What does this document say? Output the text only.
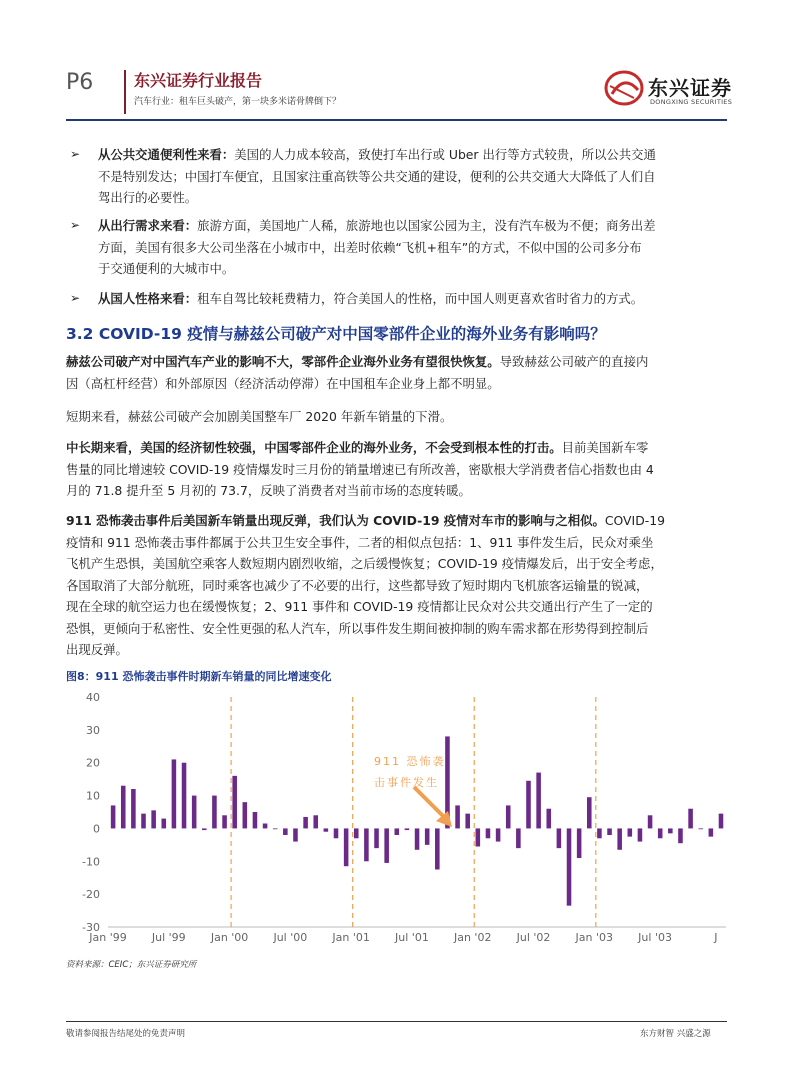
P6	东兴证券行业报告
汽车行业：租车巨头破产，第一块多米诺骨牌倒下？
东兴证券
DONGXING SECURITIES
➢ 从公共交通便利性来看：美国的人力成本较高，致使打车出行或 Uber 出行等方式较贵，所以公共交通
不是特别发达；中国打车便宜，且国家注重高铁等公共交通的建设，便利的公共交通大大降低了人们自
驾出行的必要性。
➢ 从出行需求来看：旅游方面，美国地广人稀，旅游地也以国家公园为主，没有汽车极为不便；商务出差
方面，美国有很多大公司坐落在小城市中，出差时依赖“飞机+租车”的方式，不似中国的公司多分布
于交通便利的大城市中。
➢ 从国人性格来看：租车自驾比较耗费精力，符合美国人的性格，而中国人则更喜欢省时省力的方式。
3.2 COVID-19 疫情与赫兹公司破产对中国零部件企业的海外业务有影响吗？
赫兹公司破产对中国汽车产业的影响不大，零部件企业海外业务有望很快恢复。导致赫兹公司破产的直接内
因（高杠杆经营）和外部原因（经济活动停滞）在中国租车企业身上都不明显。
短期来看，赫兹公司破产会加剧美国整车厂 2020 年新车销量的下滑。
中长期来看，美国的经济韧性较强，中国零部件企业的海外业务，不会受到根本性的打击。目前美国新车零
售量的同比增速较 COVID-19 疫情爆发时三月份的销量增速已有所改善，密歇根大学消费者信心指数也由 4
月的 71.8 提升至 5 月初的 73.7，反映了消费者对当前市场的态度转暖。
911 恐怖袭击事件后美国新车销量出现反弹，我们认为 COVID-19 疫情对车市的影响与之相似。COVID-19
疫情和 911 恐怖袭击事件都属于公共卫生安全事件，二者的相似点包括：1、911 事件发生后，民众对乘坐
飞机产生恐惧，美国航空乘客人数短期内剧烈收缩，之后缓慢恢复；COVID-19 疫情爆发后，出于安全考虑，
各国取消了大部分航班，同时乘客也减少了不必要的出行，这些都导致了短时期内飞机旅客运输量的锐减，
现在全球的航空运力也在缓慢恢复；2、911 事件和 COVID-19 疫情都让民众对公共交通出行产生了一定的
恐惧，更倾向于私密性、安全性更强的私人汽车，所以事件发生期间被抑制的购车需求都在形势得到控制后
出现反弹。
图8：911 恐怖袭击事件时期新车销量的同比增速变化
-30
-20
-10
0
10
20
30
40
Jan '99 Jul '99 Jan '00 Jul '00 Jan '01 Jul '01 Jan '02 Jul '02 Jan '03 Jul '03	J
911 恐怖袭
击事件发生
资料来源：CEIC；东兴证券研究所
敬请参阅报告结尾处的免责声明	东方财智 兴盛之源
